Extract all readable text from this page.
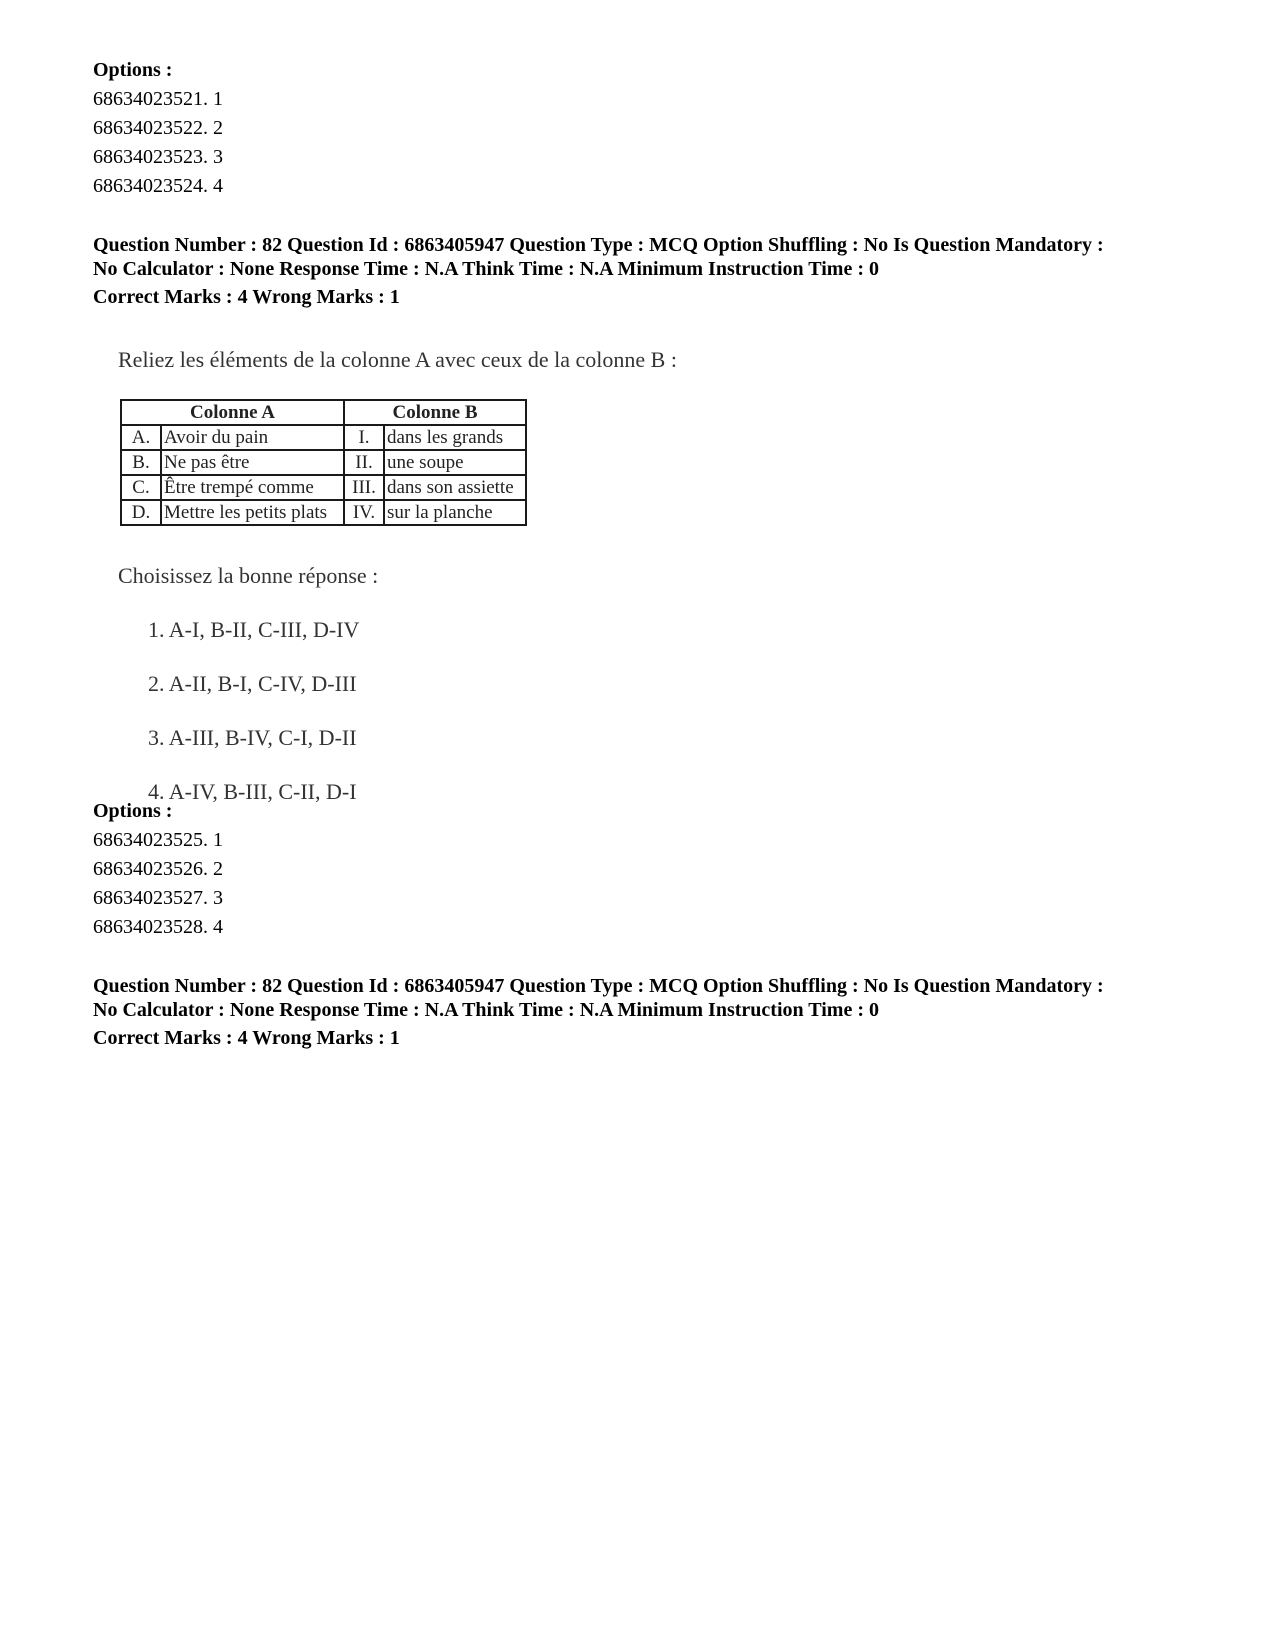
Options :
68634023521. 1
68634023522. 2
68634023523. 3
68634023524. 4
Question Number : 82 Question Id : 6863405947 Question Type : MCQ Option Shuffling : No Is Question Mandatory :
No Calculator : None Response Time : N.A Think Time : N.A Minimum Instruction Time : 0
Correct Marks : 4 Wrong Marks : 1

Reliez les éléments de la colonne A avec ceux de la colonne B :

Colonne A		Colonne B	
A.	Avoir du pain	I.	dans les grands
B.	Ne pas être	II.	une soupe
C.	Être trempé comme	III.	dans son assiette
D.	Mettre les petits plats	IV.	sur la planche

Choisissez la bonne réponse :

1. A-I, B-II, C-III, D-IV
2. A-II, B-I, C-IV, D-III
3. A-III, B-IV, C-I, D-II
4. A-IV, B-III, C-II, D-I
Options :
68634023525. 1
68634023526. 2
68634023527. 3
68634023528. 4
Question Number : 82 Question Id : 6863405947 Question Type : MCQ Option Shuffling : No Is Question Mandatory :
No Calculator : None Response Time : N.A Think Time : N.A Minimum Instruction Time : 0
Correct Marks : 4 Wrong Marks : 1
